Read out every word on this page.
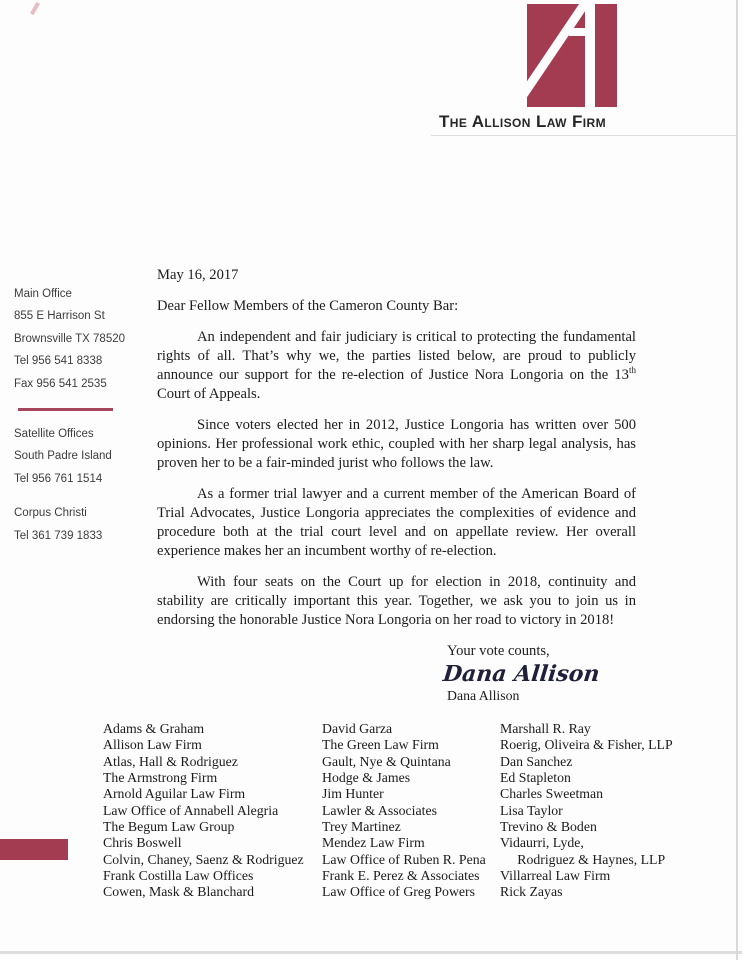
The Allison Law Firm
Main Office
855 E Harrison St
Brownsville TX 78520
Tel 956 541 8338
Fax 956 541 2535
Satellite Offices
South Padre Island
Tel 956 761 1514
Corpus Christi
Tel 361 739 1833
May 16, 2017
Dear Fellow Members of the Cameron County Bar:

An independent and fair judiciary is critical to protecting the fundamental rights of all. That’s why we, the parties listed below, are proud to publicly announce our support for the re-election of Justice Nora Longoria on the 13th Court of Appeals.

Since voters elected her in 2012, Justice Longoria has written over 500 opinions. Her professional work ethic, coupled with her sharp legal analysis, has proven her to be a fair-minded jurist who follows the law.

As a former trial lawyer and a current member of the American Board of Trial Advocates, Justice Longoria appreciates the complexities of evidence and procedure both at the trial court level and on appellate review. Her overall experience makes her an incumbent worthy of re-election.

With four seats on the Court up for election in 2018, continuity and stability are critically important this year. Together, we ask you to join us in endorsing the honorable Justice Nora Longoria on her road to victory in 2018!

Your vote counts,
Dana Allison
Dana Allison
Adams & Graham
Allison Law Firm
Atlas, Hall & Rodriguez
The Armstrong Firm
Arnold Aguilar Law Firm
Law Office of Annabell Alegria
The Begum Law Group
Chris Boswell
Colvin, Chaney, Saenz & Rodriguez
Frank Costilla Law Offices
Cowen, Mask & Blanchard
David Garza
The Green Law Firm
Gault, Nye & Quintana
Hodge & James
Jim Hunter
Lawler & Associates
Trey Martinez
Mendez Law Firm
Law Office of Ruben R. Pena
Frank E. Perez & Associates
Law Office of Greg Powers
Marshall R. Ray
Roerig, Oliveira & Fisher, LLP
Dan Sanchez
Ed Stapleton
Charles Sweetman
Lisa Taylor
Trevino & Boden
Vidaurri, Lyde,
Rodriguez & Haynes, LLP
Villarreal Law Firm
Rick Zayas
